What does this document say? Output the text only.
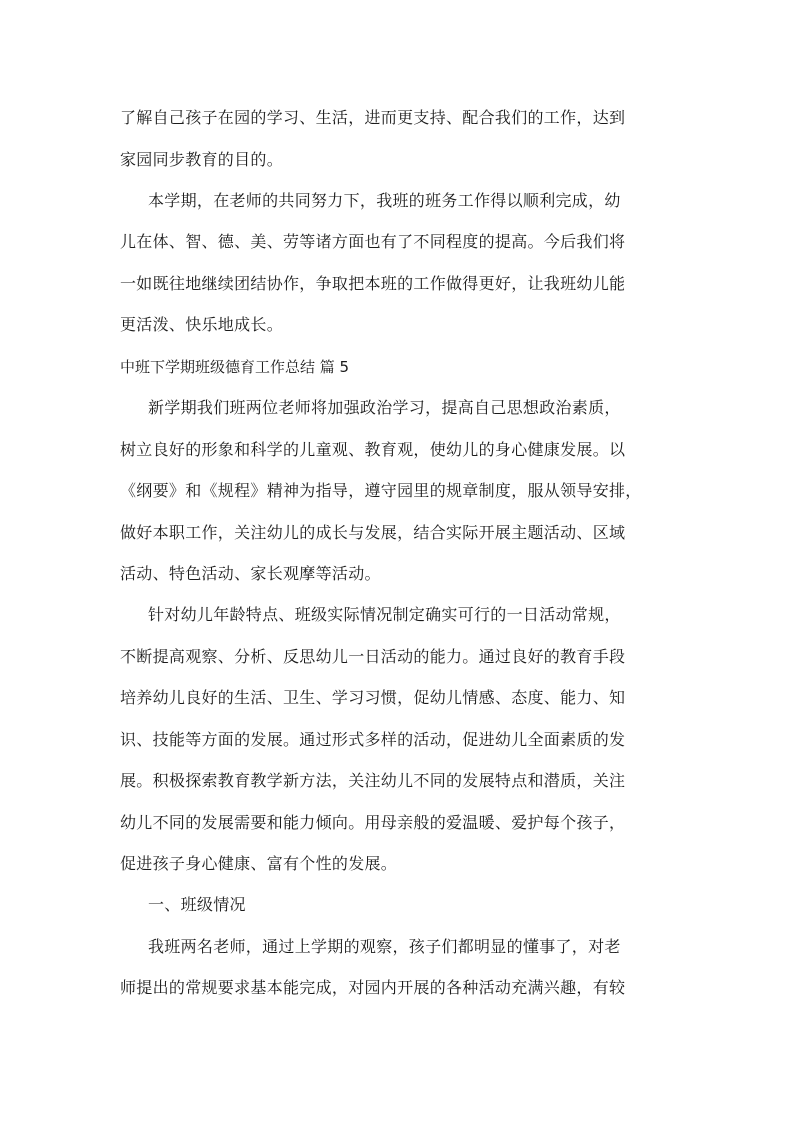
了解自己孩子在园的学习、生活，进而更支持、配合我们的工作，达到
家园同步教育的目的。
本学期，在老师的共同努力下，我班的班务工作得以顺利完成，幼
儿在体、智、德、美、劳等诸方面也有了不同程度的提高。今后我们将
一如既往地继续团结协作，争取把本班的工作做得更好，让我班幼儿能
更活泼、快乐地成长。
中班下学期班级德育工作总结 篇 5
新学期我们班两位老师将加强政治学习，提高自己思想政治素质，
树立良好的形象和科学的儿童观、教育观，使幼儿的身心健康发展。以
《纲要》和《规程》精神为指导，遵守园里的规章制度，服从领导安排，
做好本职工作，关注幼儿的成长与发展，结合实际开展主题活动、区域
活动、特色活动、家长观摩等活动。
针对幼儿年龄特点、班级实际情况制定确实可行的一日活动常规，
不断提高观察、分析、反思幼儿一日活动的能力。通过良好的教育手段
培养幼儿良好的生活、卫生、学习习惯，促幼儿情感、态度、能力、知
识、技能等方面的发展。通过形式多样的活动，促进幼儿全面素质的发
展。积极探索教育教学新方法，关注幼儿不同的发展特点和潜质，关注
幼儿不同的发展需要和能力倾向。用母亲般的爱温暖、爱护每个孩子，
促进孩子身心健康、富有个性的发展。
一、班级情况
我班两名老师，通过上学期的观察，孩子们都明显的懂事了，对老
师提出的常规要求基本能完成，对园内开展的各种活动充满兴趣，有较
